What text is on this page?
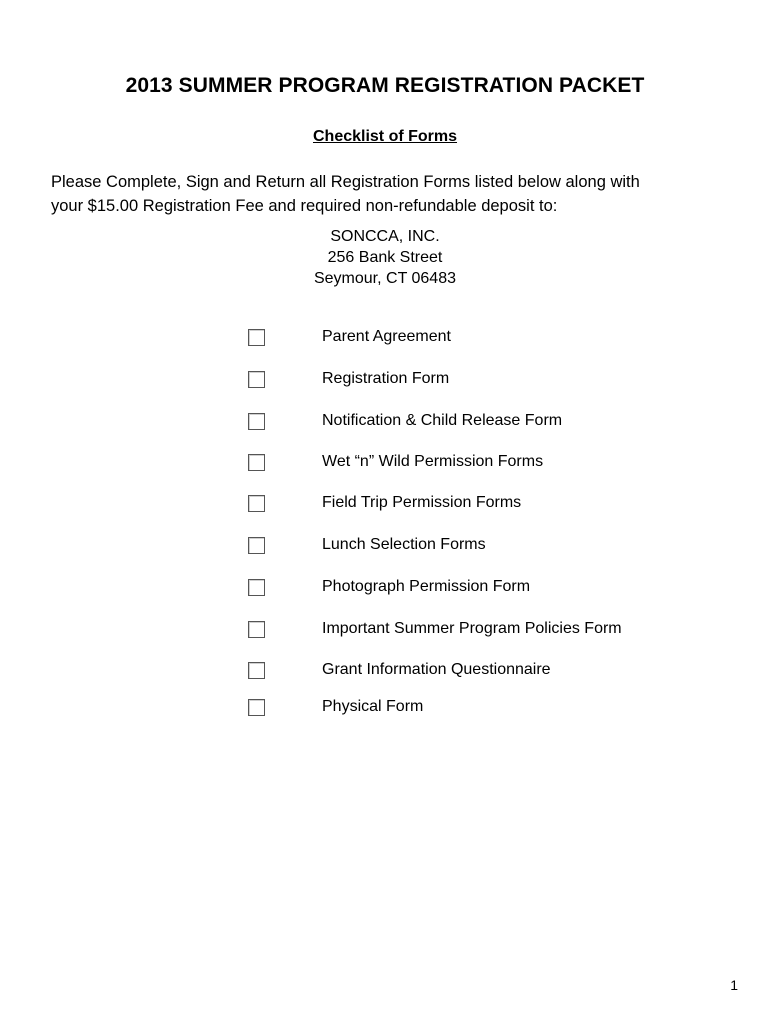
2013 SUMMER PROGRAM REGISTRATION PACKET
Checklist of Forms
Please Complete, Sign and Return all Registration Forms listed below along with
your $15.00 Registration Fee and required non-refundable deposit to:
SONCCA, INC.
256 Bank Street
Seymour, CT 06483
Parent Agreement
Registration Form
Notification & Child Release Form
Wet “n” Wild Permission Forms
Field Trip Permission Forms
Lunch Selection Forms
Photograph Permission Form
Important Summer Program Policies Form
Grant Information Questionnaire
Physical Form
1
